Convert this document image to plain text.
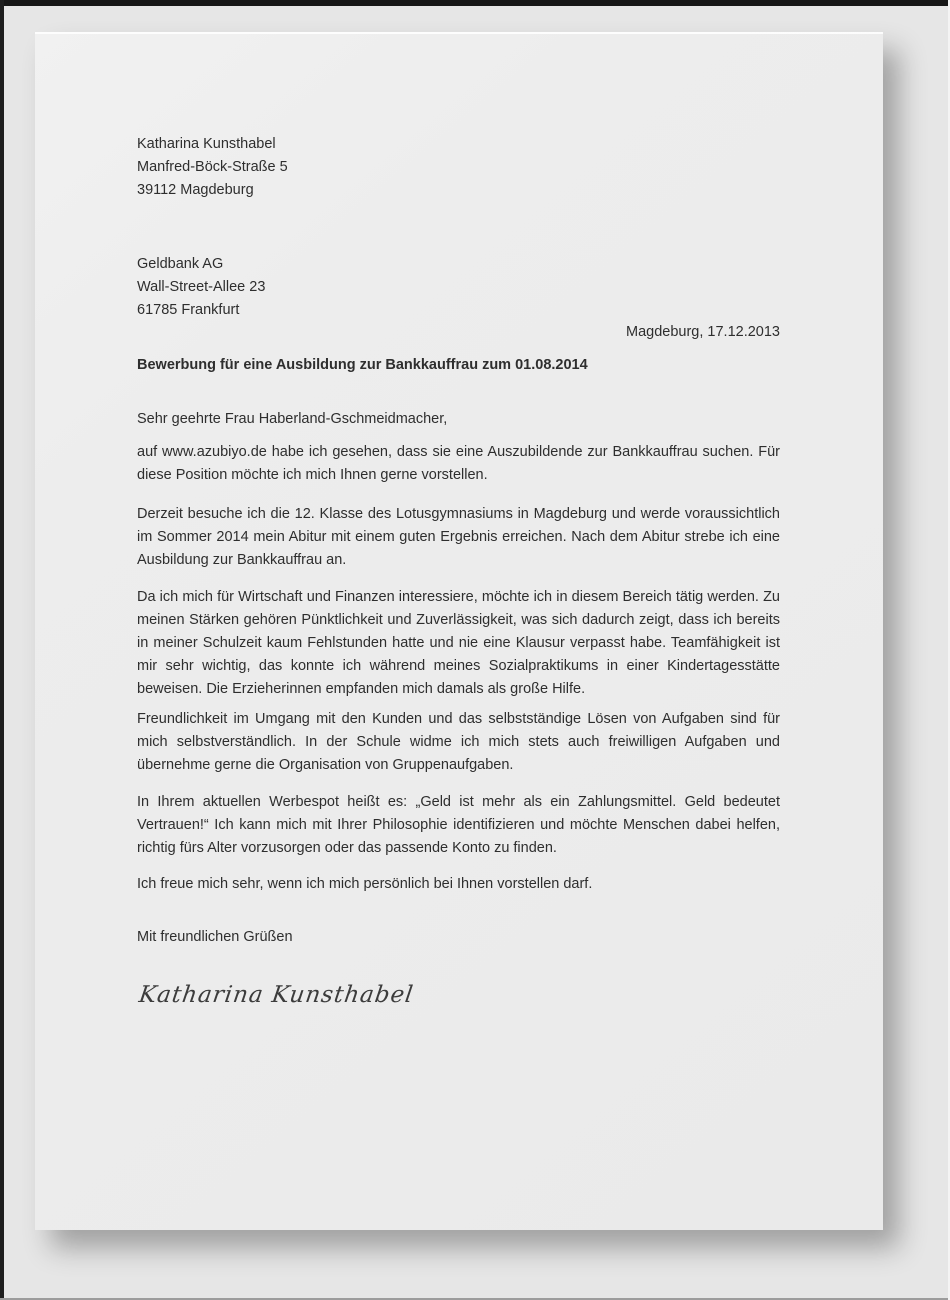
Katharina Kunsthabel
Manfred-Böck-Straße 5
39112 Magdeburg
Geldbank AG
Wall-Street-Allee 23
61785 Frankfurt
Magdeburg, 17.12.2013
Bewerbung für eine Ausbildung zur Bankkauffrau zum 01.08.2014
Sehr geehrte Frau Haberland-Gschmeidmacher,

auf www.azubiyo.de habe ich gesehen, dass sie eine Auszubildende zur Bankkauffrau suchen. Für diese Position möchte ich mich Ihnen gerne vorstellen.

Derzeit besuche ich die 12. Klasse des Lotusgymnasiums in Magdeburg und werde voraussichtlich im Sommer 2014 mein Abitur mit einem guten Ergebnis erreichen. Nach dem Abitur strebe ich eine Ausbildung zur Bankkauffrau an.

Da ich mich für Wirtschaft und Finanzen interessiere, möchte ich in diesem Bereich tätig werden. Zu meinen Stärken gehören Pünktlichkeit und Zuverlässigkeit, was sich dadurch zeigt, dass ich bereits in meiner Schulzeit kaum Fehlstunden hatte und nie eine Klausur verpasst habe. Teamfähigkeit ist mir sehr wichtig, das konnte ich während meines Sozialpraktikums in einer Kindertagesstätte beweisen. Die Erzieherinnen empfanden mich damals als große Hilfe.

Freundlichkeit im Umgang mit den Kunden und das selbstständige Lösen von Aufgaben sind für mich selbstverständlich. In der Schule widme ich mich stets auch freiwilligen Aufgaben und übernehme gerne die Organisation von Gruppenaufgaben.

In Ihrem aktuellen Werbespot heißt es: „Geld ist mehr als ein Zahlungsmittel. Geld bedeutet Vertrauen!“ Ich kann mich mit Ihrer Philosophie identifizieren und möchte Menschen dabei helfen, richtig fürs Alter vorzusorgen oder das passende Konto zu finden.

Ich freue mich sehr, wenn ich mich persönlich bei Ihnen vorstellen darf.

Mit freundlichen Grüßen
Katharina Kunsthabel
